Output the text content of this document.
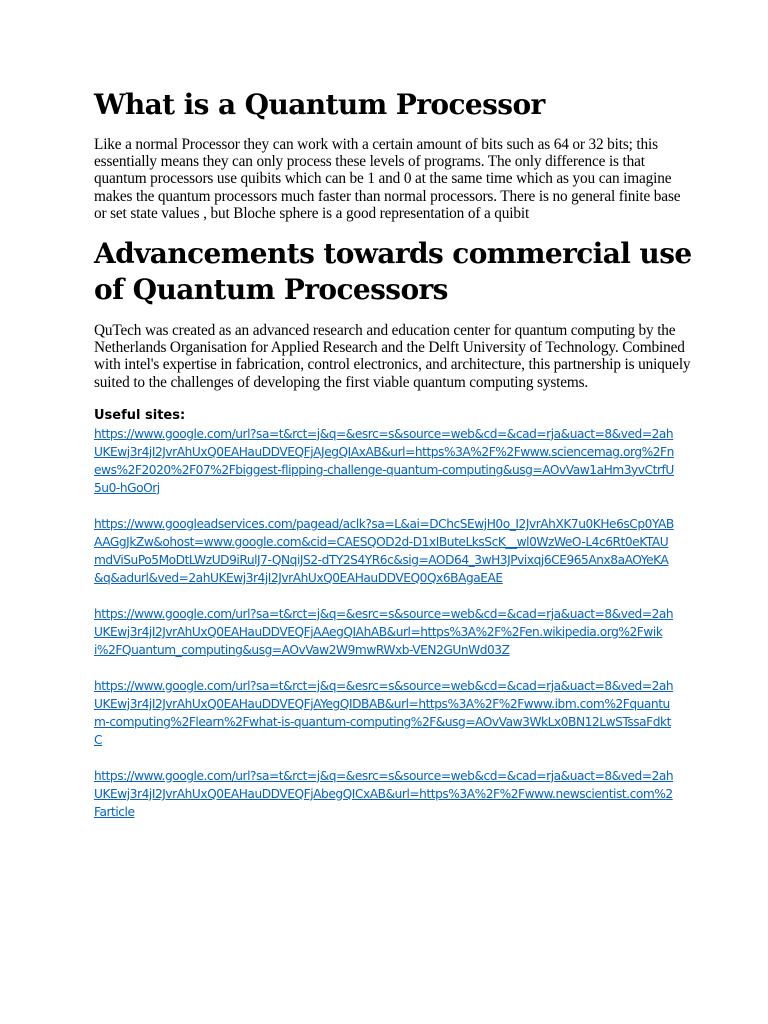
What is a Quantum Processor

Like a normal Processor they can work with a certain amount of bits such as 64 or 32 bits; this essentially means they can only process these levels of programs. The only difference is that quantum processors use quibits which can be 1 and 0 at the same time which as you can imagine makes the quantum processors much faster than normal processors. There is no general finite base or set state values , but Bloche sphere is a good representation of a quibit

Advancements towards commercial use of Quantum Processors

QuTech was created as an advanced research and education center for quantum computing by the Netherlands Organisation for Applied Research and the Delft University of Technology. Combined with intel's expertise in fabrication, control electronics, and architecture, this partnership is uniquely suited to the challenges of developing the first viable quantum computing systems.

Useful sites:
https://www.google.com/url?sa=t&rct=j&q=&esrc=s&source=web&cd=&cad=rja&uact=8&ved=2ahUKEwj3r4jI2JvrAhUxQ0EAHauDDVEQFjAJegQIAxAB&url=https%3A%2F%2Fwww.sciencemag.org%2Fnews%2F2020%2F07%2Fbiggest-flipping-challenge-quantum-computing&usg=AOvVaw1aHm3yvCtrfU5u0-hGoOrj
https://www.googleadservices.com/pagead/aclk?sa=L&ai=DChcSEwjH0o_I2JvrAhXK7u0KHe6sCp0YABAAGgJkZw&ohost=www.google.com&cid=CAESQOD2d-D1xIButeLksScK__wl0WzWeO-L4c6Rt0eKTAUmdViSuPo5MoDtLWzUD9iRulJ7-QNqiJS2-dTY2S4YR6c&sig=AOD64_3wH3JPvixqj6CE965Anx8aAOYeKA&q&adurl&ved=2ahUKEwj3r4jI2JvrAhUxQ0EAHauDDVEQ0Qx6BAgaEAE
https://www.google.com/url?sa=t&rct=j&q=&esrc=s&source=web&cd=&cad=rja&uact=8&ved=2ahUKEwj3r4jI2JvrAhUxQ0EAHauDDVEQFjAAegQIAhAB&url=https%3A%2F%2Fen.wikipedia.org%2Fwiki%2FQuantum_computing&usg=AOvVaw2W9mwRWxb-VEN2GUnWd03Z
https://www.google.com/url?sa=t&rct=j&q=&esrc=s&source=web&cd=&cad=rja&uact=8&ved=2ahUKEwj3r4jI2JvrAhUxQ0EAHauDDVEQFjAYegQIDBAB&url=https%3A%2F%2Fwww.ibm.com%2Fquantum-computing%2Flearn%2Fwhat-is-quantum-computing%2F&usg=AOvVaw3WkLx0BN12LwSTssaFdktC
https://www.google.com/url?sa=t&rct=j&q=&esrc=s&source=web&cd=&cad=rja&uact=8&ved=2ahUKEwj3r4jI2JvrAhUxQ0EAHauDDVEQFjAbegQICxAB&url=https%3A%2F%2Fwww.newscientist.com%2Farticle
